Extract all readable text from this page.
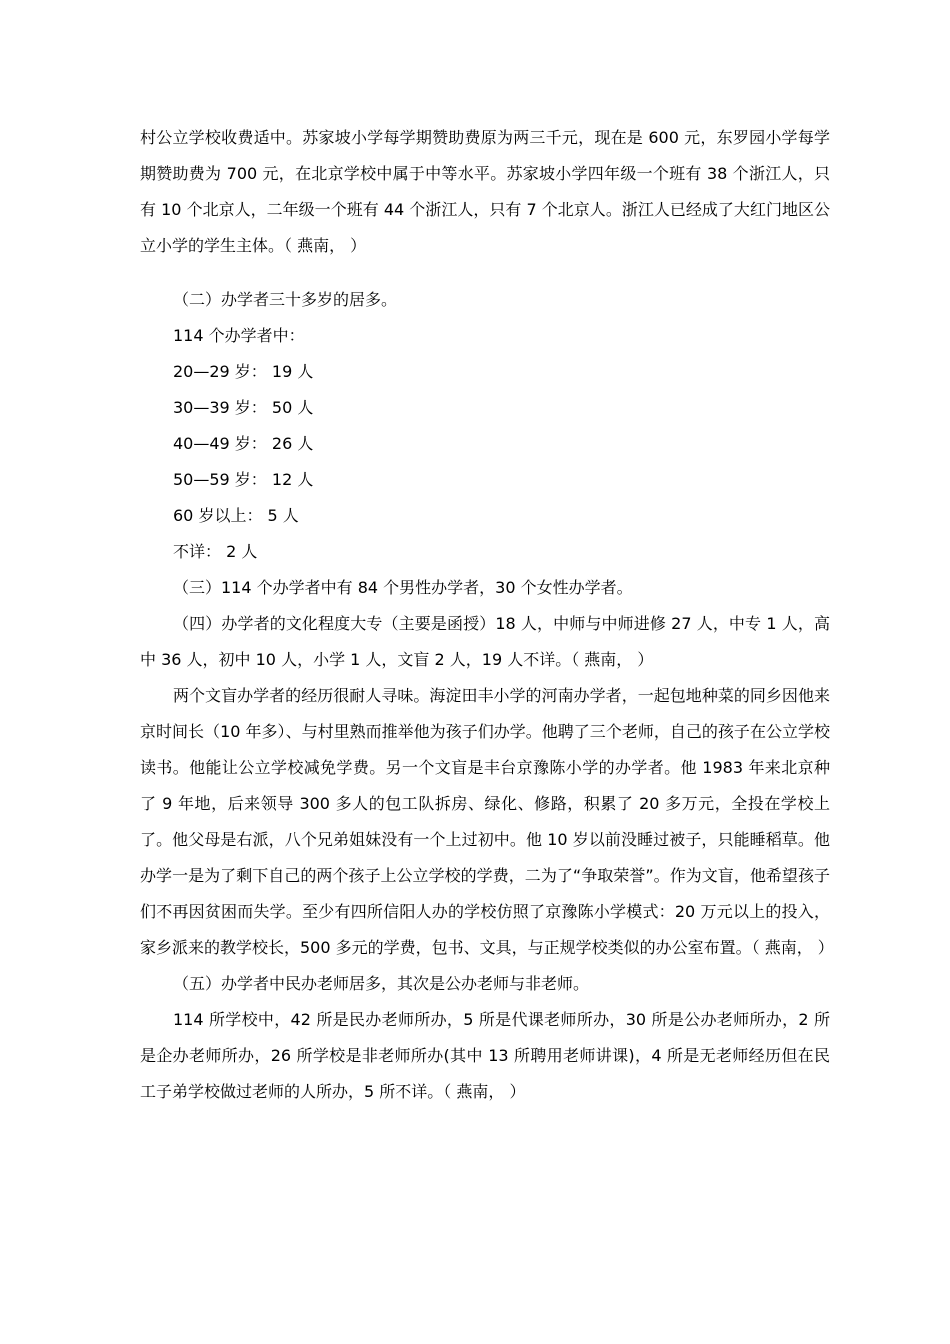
村公立学校收费适中。苏家坡小学每学期赞助费原为两三千元，现在是 600 元，东罗园小学每学期赞助费为 700 元，在北京学校中属于中等水平。苏家坡小学四年级一个班有 38 个浙江人，只有 10 个北京人，二年级一个班有 44 个浙江人，只有 7 个北京人。浙江人已经成了大红门地区公立小学的学生主体。（ 燕南， ）

（二）办学者三十多岁的居多。

114 个办学者中：

20—29 岁： 19 人

30—39 岁： 50 人

40—49 岁： 26 人

50—59 岁： 12 人

60 岁以上： 5 人

不详： 2 人

（三）114 个办学者中有 84 个男性办学者，30 个女性办学者。

（四）办学者的文化程度大专（主要是函授）18 人，中师与中师进修 27 人，中专 1 人，高中 36 人，初中 10 人，小学 1 人，文盲 2 人，19 人不详。（ 燕南， ）

两个文盲办学者的经历很耐人寻味。海淀田丰小学的河南办学者，一起包地种菜的同乡因他来京时间长（10 年多）、与村里熟而推举他为孩子们办学。他聘了三个老师，自己的孩子在公立学校读书。他能让公立学校减免学费。另一个文盲是丰台京豫陈小学的办学者。他 1983 年来北京种了 9 年地，后来领导 300 多人的包工队拆房、绿化、修路，积累了 20 多万元，全投在学校上了。他父母是右派，八个兄弟姐妹没有一个上过初中。他 10 岁以前没睡过被子，只能睡稻草。他办学一是为了剩下自己的两个孩子上公立学校的学费，二为了“争取荣誉”。作为文盲，他希望孩子们不再因贫困而失学。至少有四所信阳人办的学校仿照了京豫陈小学模式：20 万元以上的投入，家乡派来的教学校长，500 多元的学费，包书、文具，与正规学校类似的办公室布置。（ 燕南， ）

（五）办学者中民办老师居多，其次是公办老师与非老师。

114 所学校中，42 所是民办老师所办，5 所是代课老师所办，30 所是公办老师所办，2 所是企办老师所办，26 所学校是非老师所办(其中 13 所聘用老师讲课)，4 所是无老师经历但在民工子弟学校做过老师的人所办，5 所不详。（ 燕南， ）
